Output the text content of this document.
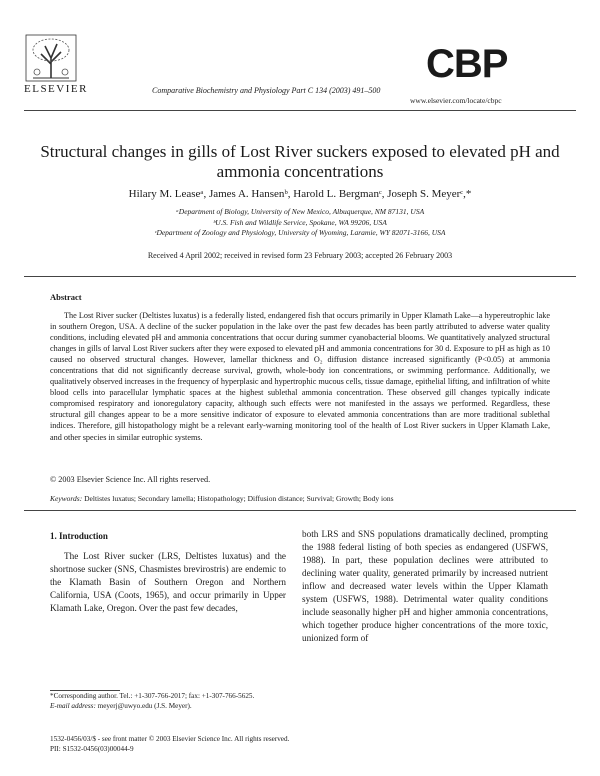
ELSEVIER	Comparative Biochemistry and Physiology Part C 134 (2003) 491–500
CBP
www.elsevier.com/locate/cbpc
Structural changes in gills of Lost River suckers exposed to elevated pH and ammonia concentrations
Hilary M. Leaseᵃ, James A. Hansenᵇ, Harold L. Bergmanᶜ, Joseph S. Meyerᶜ,*
ᵃDepartment of Biology, University of New Mexico, Albuquerque, NM 87131, USA
ᵇU.S. Fish and Wildlife Service, Spokane, WA 99206, USA
ᶜDepartment of Zoology and Physiology, University of Wyoming, Laramie, WY 82071-3166, USA
Received 4 April 2002; received in revised form 23 February 2003; accepted 26 February 2003
Abstract
The Lost River sucker (Deltistes luxatus) is a federally listed, endangered fish that occurs primarily in Upper Klamath Lake—a hypereutrophic lake in southern Oregon, USA. A decline of the sucker population in the lake over the past few decades has been partly attributed to adverse water quality conditions, including elevated pH and ammonia concentrations that occur during summer cyanobacterial blooms. We quantitatively analyzed structural changes in gills of larval Lost River suckers after they were exposed to elevated pH and ammonia concentrations for 30 d. Exposure to pH as high as 10 caused no observed structural changes. However, lamellar thickness and O₂ diffusion distance increased significantly (P<0.05) at ammonia concentrations that did not significantly decrease survival, growth, whole-body ion concentrations, or swimming performance. Additionally, we qualitatively observed increases in the frequency of hyperplasic and hypertrophic mucous cells, tissue damage, epithelial lifting, and infiltration of white blood cells into paracellular lymphatic spaces at the highest sublethal ammonia concentration. These observed gill changes typically indicate compromised respiratory and ionoregulatory capacity, although such effects were not manifested in the assays we performed. Regardless, these structural gill changes appear to be a more sensitive indicator of exposure to elevated ammonia concentrations than are more traditional sublethal indices. Therefore, gill histopathology might be a relevant early-warning monitoring tool of the health of Lost River suckers in Upper Klamath Lake, and other species in similar eutrophic systems.
© 2003 Elsevier Science Inc. All rights reserved.
Keywords: Deltistes luxatus; Secondary lamella; Histopathology; Diffusion distance; Survival; Growth; Body ions
1. Introduction
The Lost River sucker (LRS, Deltistes luxatus) and the shortnose sucker (SNS, Chasmistes brevirostris) are endemic to the Klamath Basin of Southern Oregon and Northern California, USA (Coots, 1965), and occur primarily in Upper Klamath Lake, Oregon. Over the past few decades,
both LRS and SNS populations dramatically declined, prompting the 1988 federal listing of both species as endangered (USFWS, 1988). In part, these population declines were attributed to declining water quality, generated primarily by increased nutrient inflow and decreased water levels within the Upper Klamath system (USFWS, 1988). Detrimental water quality conditions include seasonally higher pH and higher ammonia concentrations, which together produce higher concentrations of the more toxic, unionized form of
*Corresponding author. Tel.: +1-307-766-2017; fax: +1-307-766-5625.
E-mail address: meyerj@uwyo.edu (J.S. Meyer).
1532-0456/03/$ - see front matter © 2003 Elsevier Science Inc. All rights reserved.
PII: S1532-0456(03)00044-9
